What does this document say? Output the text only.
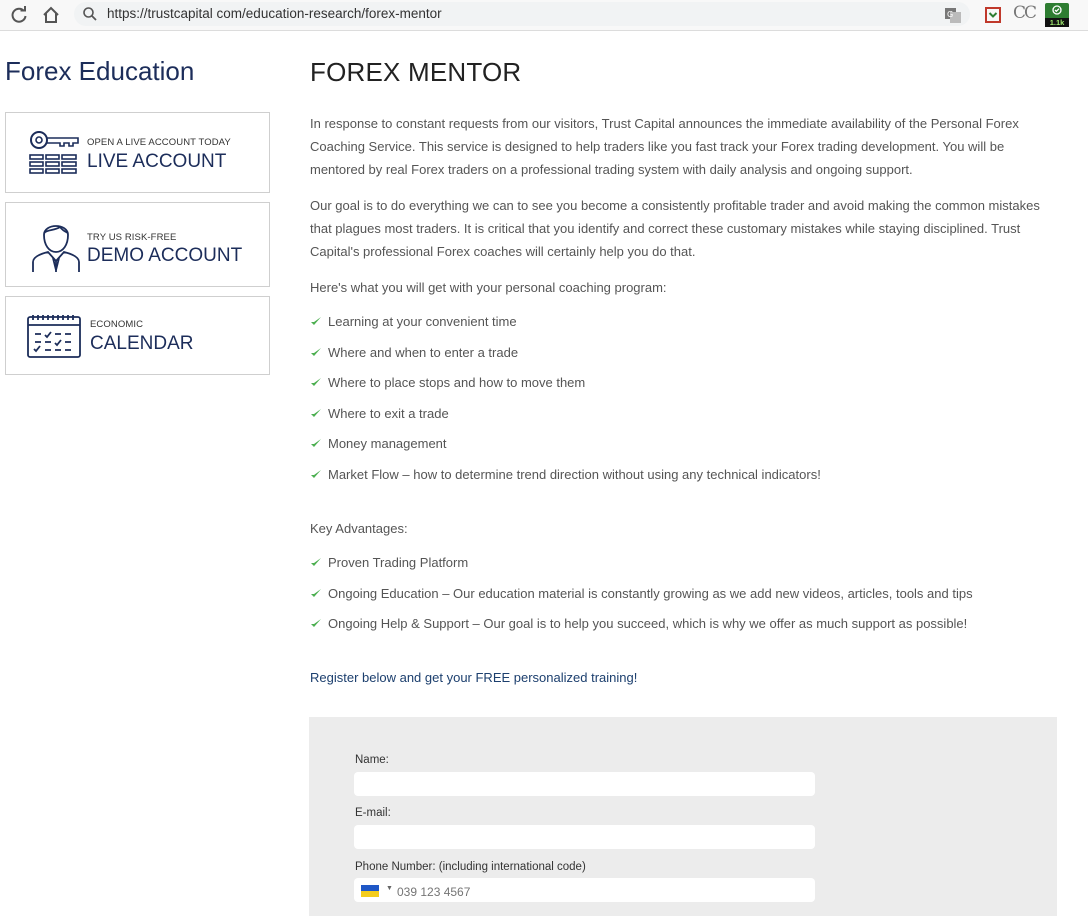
https://trustcapital com/education-research/forex-mentor	G	CC	1.1k
Forex Education
OPEN A LIVE ACCOUNT TODAY
LIVE ACCOUNT
TRY US RISK-FREE
DEMO ACCOUNT
ECONOMIC
CALENDAR
FOREX MENTOR

In response to constant requests from our visitors, Trust Capital announces the immediate availability of the Personal Forex Coaching Service. This service is designed to help traders like you fast track your Forex trading development. You will be mentored by real Forex traders on a professional trading system with daily analysis and ongoing support.

Our goal is to do everything we can to see you become a consistently profitable trader and avoid making the common mistakes that plagues most traders. It is critical that you identify and correct these customary mistakes while staying disciplined. Trust Capital's professional Forex coaches will certainly help you do that.

Here's what you will get with your personal coaching program:

Learning at your convenient time
Where and when to enter a trade
Where to place stops and how to move them
Where to exit a trade
Money management
Market Flow – how to determine trend direction without using any technical indicators!

Key Advantages:

Proven Trading Platform
Ongoing Education – Our education material is constantly growing as we add new videos, articles, tools and tips
Ongoing Help & Support – Our goal is to help you succeed, which is why we offer as much support as possible!
Register below and get your FREE personalized training!
Name:
E-mail:
Phone Number: (including international code)
▼
039 123 4567
